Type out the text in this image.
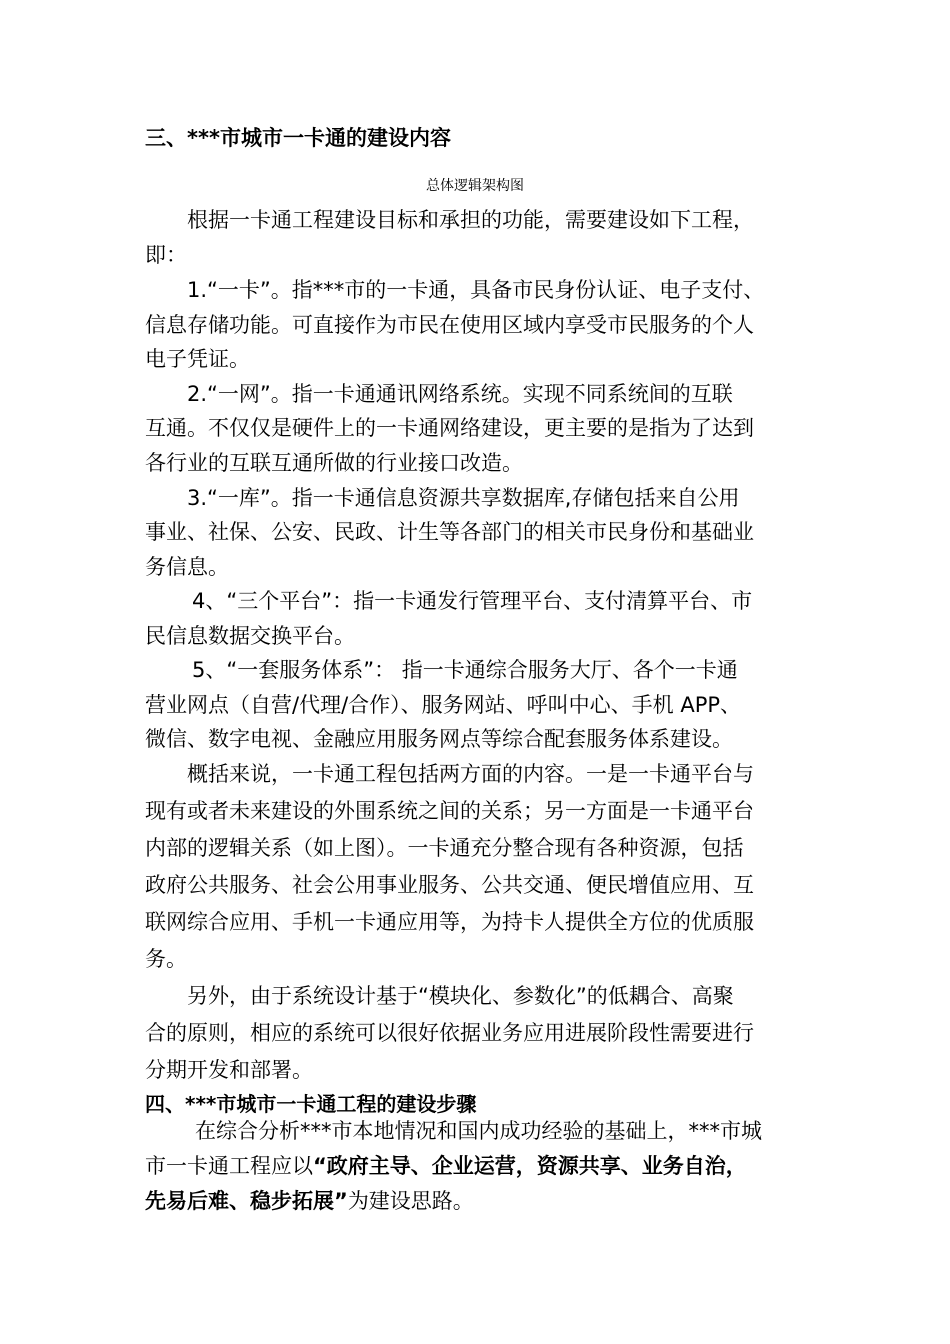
三、***市城市一卡通的建设内容
总体逻辑架构图
根据一卡通工程建设目标和承担的功能，需要建设如下工程，
即：
1.“一卡”。指***市的一卡通，具备市民身份认证、电子支付、
信息存储功能。可直接作为市民在使用区域内享受市民服务的个人
电子凭证。
2.“一网”。指一卡通通讯网络系统。实现不同系统间的互联
互通。不仅仅是硬件上的一卡通网络建设，更主要的是指为了达到
各行业的互联互通所做的行业接口改造。
3.“一库”。指一卡通信息资源共享数据库,存储包括来自公用
事业、社保、公安、民政、计生等各部门的相关市民身份和基础业
务信息。
4、“三个平台”：指一卡通发行管理平台、支付清算平台、市
民信息数据交换平台。
5、“一套服务体系”： 指一卡通综合服务大厅、各个一卡通
营业网点（自营/代理/合作）、服务网站、呼叫中心、手机 APP、
微信、数字电视、金融应用服务网点等综合配套服务体系建设。
概括来说，一卡通工程包括两方面的内容。一是一卡通平台与
现有或者未来建设的外围系统之间的关系；另一方面是一卡通平台
内部的逻辑关系（如上图）。一卡通充分整合现有各种资源，包括
政府公共服务、社会公用事业服务、公共交通、便民增值应用、互
联网综合应用、手机一卡通应用等，为持卡人提供全方位的优质服
务。
另外，由于系统设计基于“模块化、参数化”的低耦合、高聚
合的原则，相应的系统可以很好依据业务应用进展阶段性需要进行
分期开发和部署。
四、***市城市一卡通工程的建设步骤
在综合分析***市本地情况和国内成功经验的基础上，***市城
市一卡通工程应以“政府主导、企业运营，资源共享、业务自治，
先易后难、稳步拓展”为建设思路。
